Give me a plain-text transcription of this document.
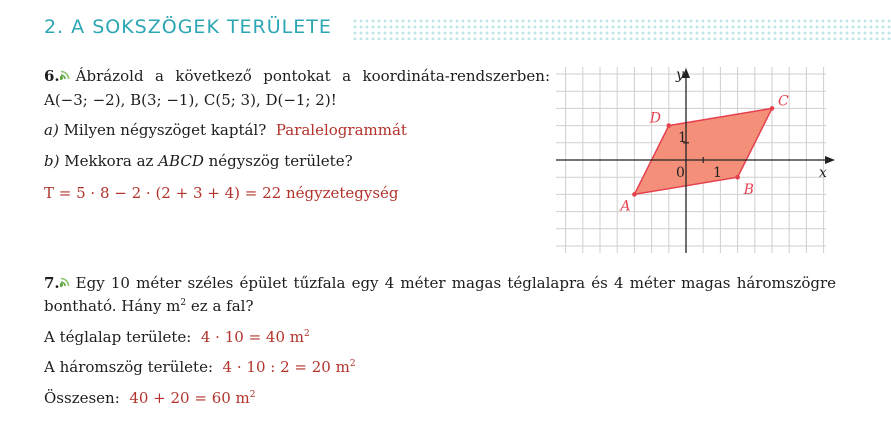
2. A SOKSZÖGEK TERÜLETE

6. Ábrázold a következő pontokat a koordináta-rendszerben:

A(−3; −2), B(3; −1), C(5; 3), D(−1; 2)!

a) Milyen négyszöget kaptál? Paralelogrammát

b) Mekkora az ABCD négyszög területe?

T = 5 · 8 − 2 · (2 + 3 + 4) = 22 négyzetegység

x
y
0 1
1
A
B
C
D

7. Egy 10 méter széles épület tűzfala egy 4 méter magas téglalapra és 4 méter magas háromszögre

bontható. Hány $m^2$ ez a fal?

A téglalap területe: 4 · 10 = 40 $m^2$

A háromszög területe: 4 · 10 : 2 = 20 $m^2$

Összesen: 40 + 20 = 60 $m^2$
